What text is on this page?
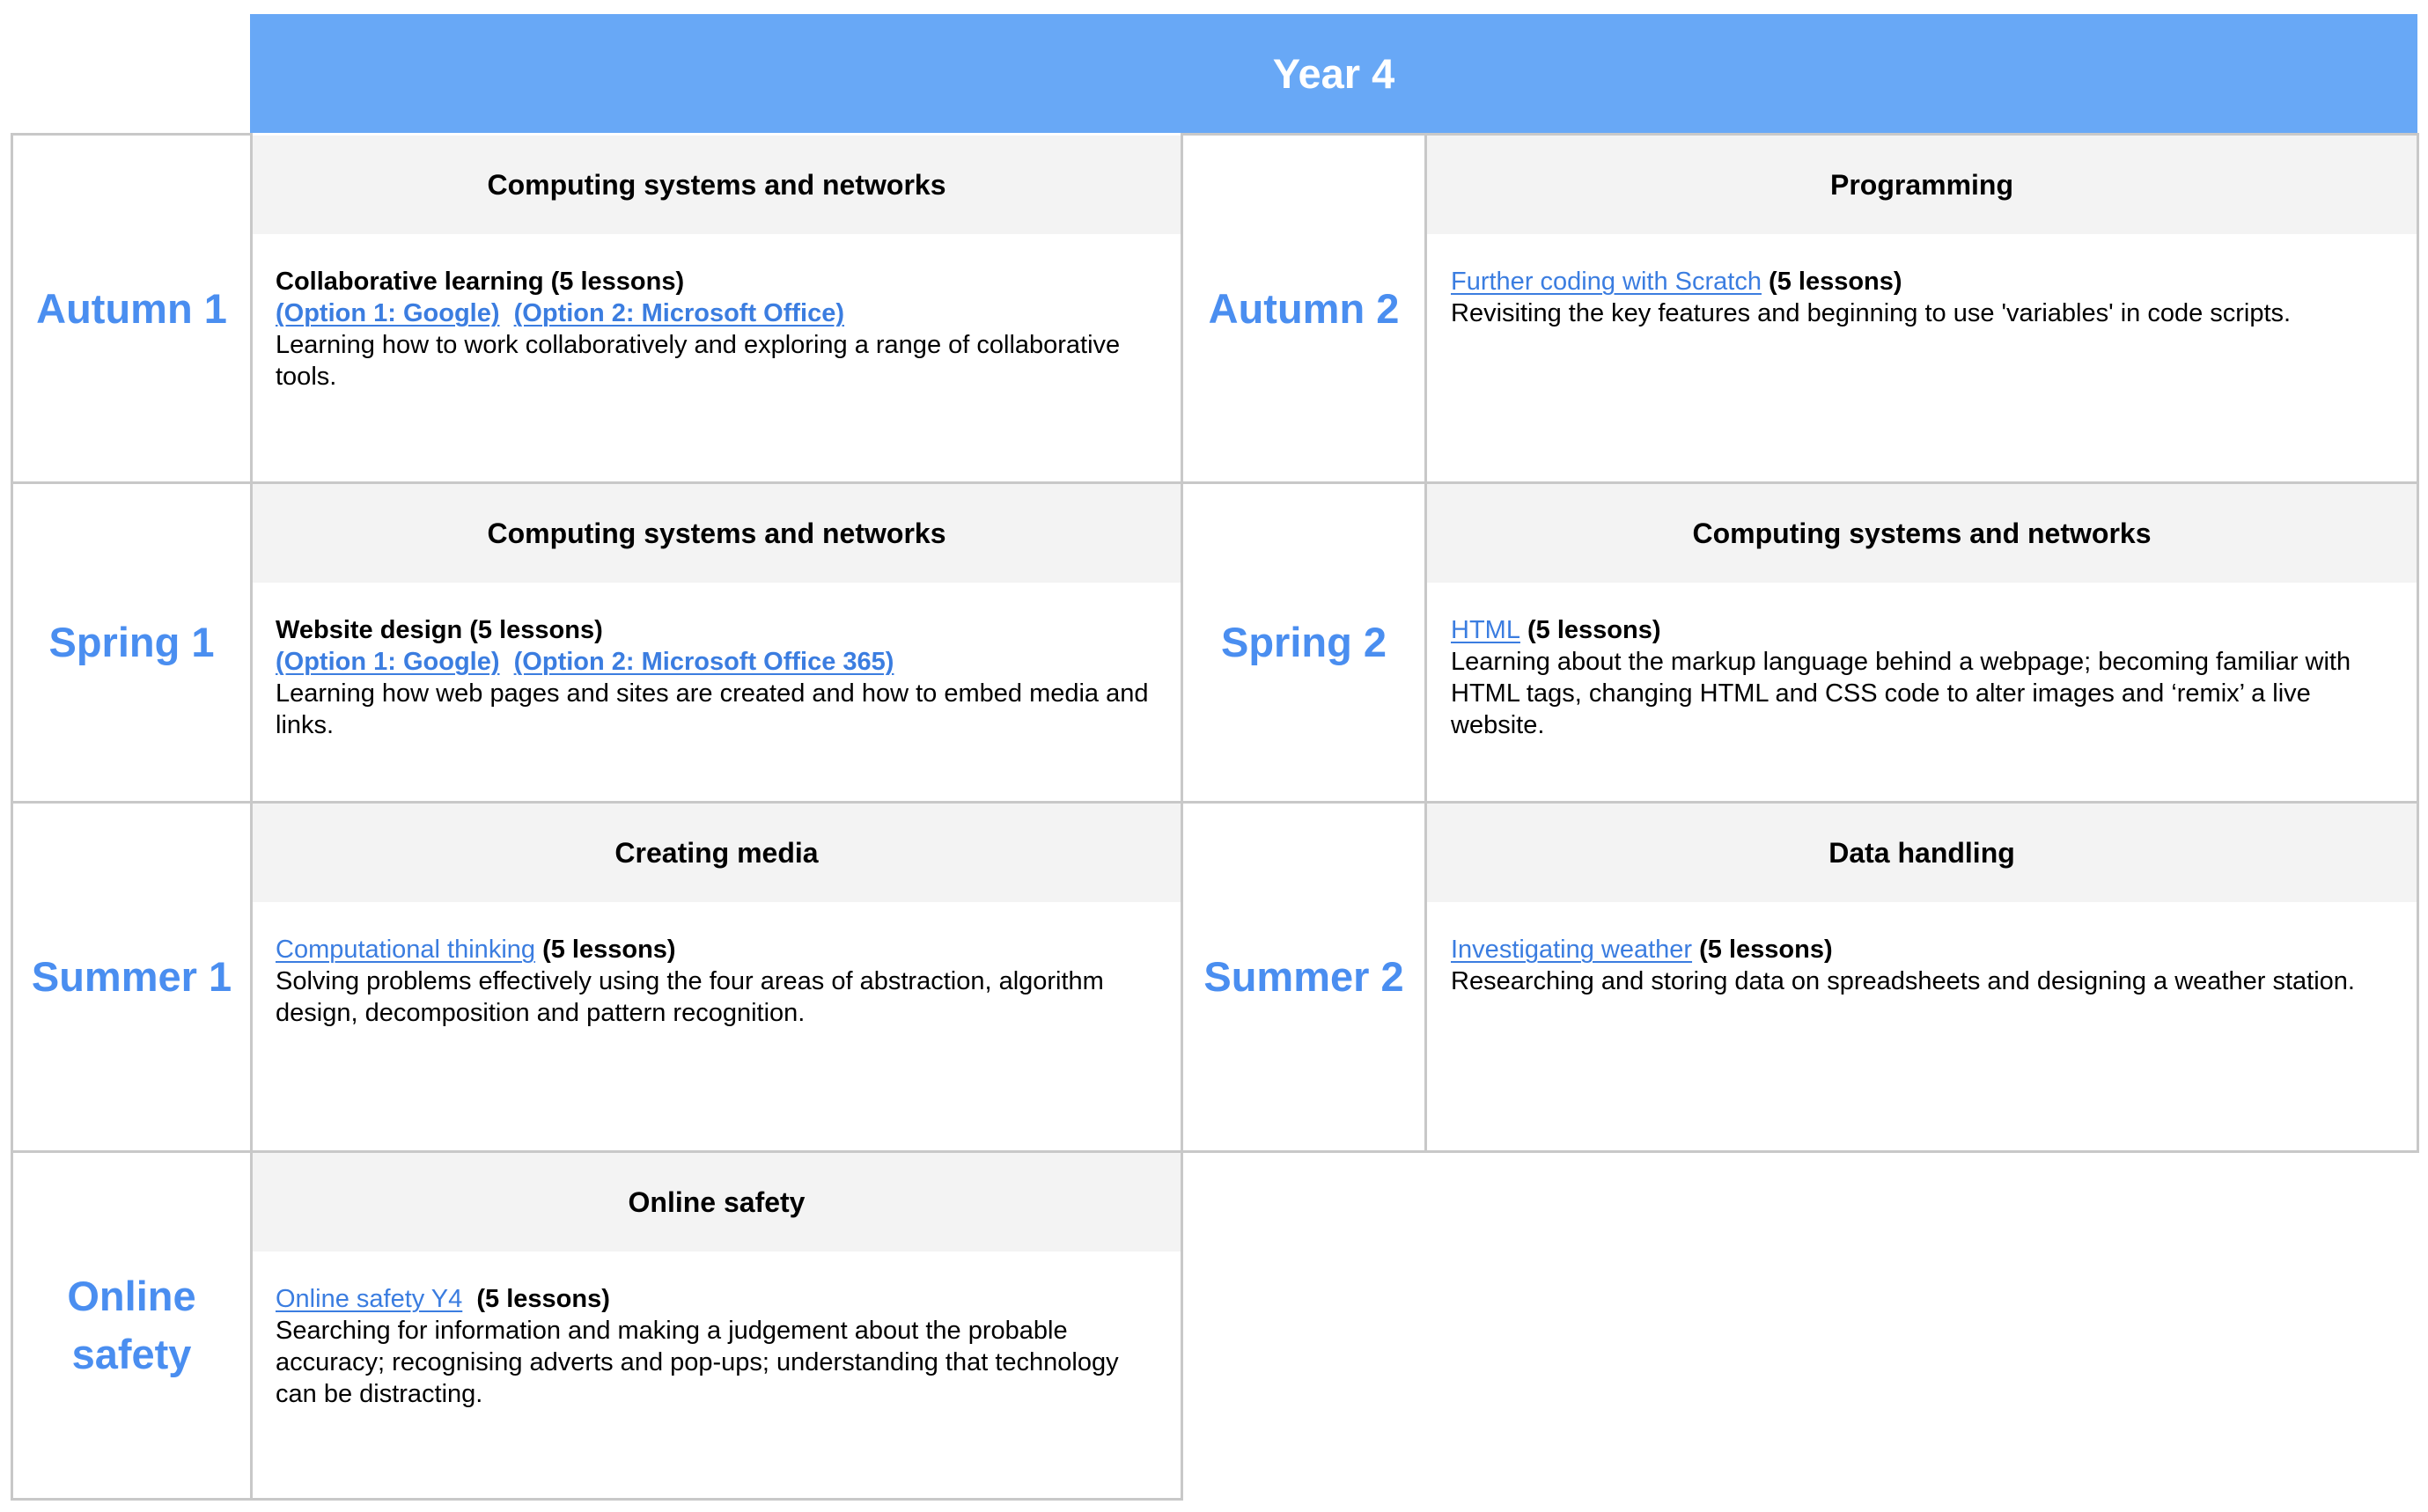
Year 4
Autumn 1
Computing systems and networks
Collaborative learning (5 lessons)
(Option 1: Google) (Option 2: Microsoft Office)
Learning how to work collaboratively and exploring a range of collaborative tools.
Autumn 2
Programming
Further coding with Scratch (5 lessons)
Revisiting the key features and beginning to use 'variables' in code scripts.
Spring 1
Computing systems and networks
Website design (5 lessons)
(Option 1: Google) (Option 2: Microsoft Office 365)
Learning how web pages and sites are created and how to embed media and links.
Spring 2
Computing systems and networks
HTML (5 lessons)
Learning about the markup language behind a webpage; becoming familiar with HTML tags, changing HTML and CSS code to alter images and ‘remix’ a live website.
Summer 1
Creating media
Computational thinking (5 lessons)
Solving problems effectively using the four areas of abstraction, algorithm design, decomposition and pattern recognition.
Summer 2
Data handling
Investigating weather (5 lessons)
Researching and storing data on spreadsheets and designing a weather station.
Online
safety
Online safety
Online safety Y4  (5 lessons)
Searching for information and making a judgement about the probable accuracy; recognising adverts and pop-ups; understanding that technology can be distracting.
